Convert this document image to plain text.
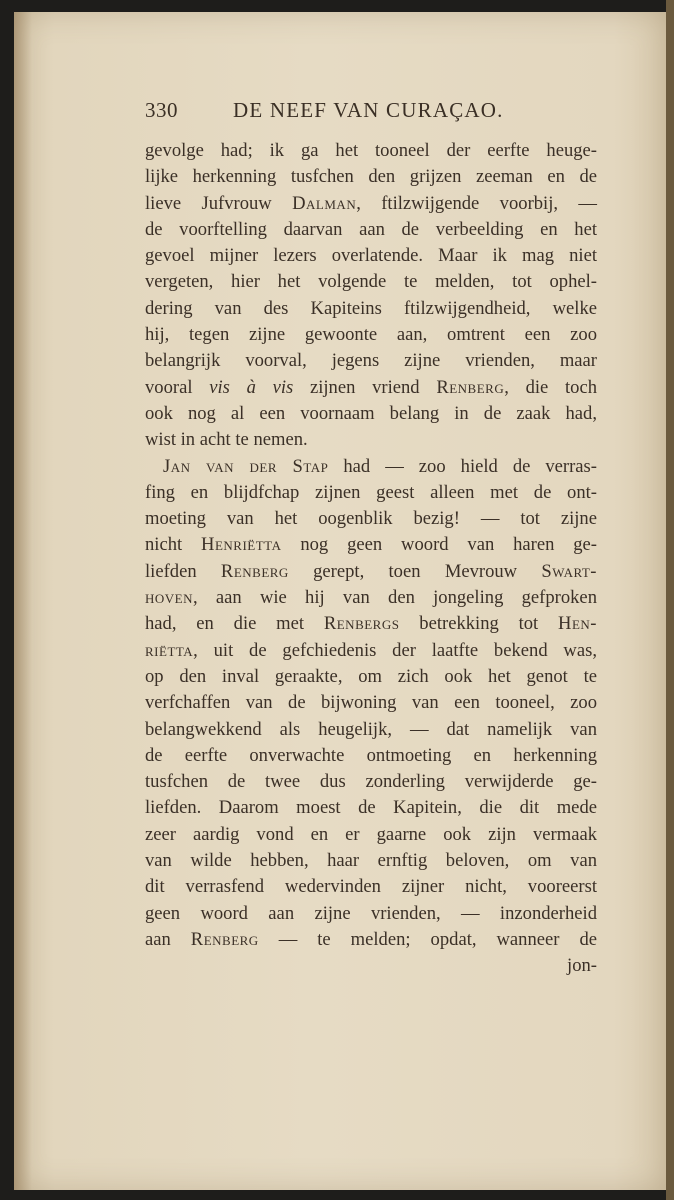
330	DE NEEF VAN CURAÇAO.
gevolge had; ik ga het tooneel der eerfte heuge-
lijke herkenning tusfchen den grijzen zeeman en de
lieve Jufvrouw Dalman, ftilzwijgende voorbij, —
de voorftelling daarvan aan de verbeelding en het
gevoel mijner lezers overlatende. Maar ik mag niet
vergeten, hier het volgende te melden, tot ophel-
dering van des Kapiteins ftilzwijgendheid, welke
hij, tegen zijne gewoonte aan, omtrent een zoo
belangrijk voorval, jegens zijne vrienden, maar
vooral vis à vis zijnen vriend Renberg, die toch
ook nog al een voornaam belang in de zaak had,
wist in acht te nemen.
Jan van der Stap had — zoo hield de verras-
fing en blijdfchap zijnen geest alleen met de ont-
moeting van het oogenblik bezig! — tot zijne
nicht Henriëtta nog geen woord van haren ge-
liefden Renberg gerept, toen Mevrouw Swart-
hoven, aan wie hij van den jongeling gefproken
had, en die met Renbergs betrekking tot Hen-
riëtta, uit de gefchiedenis der laatfte bekend was,
op den inval geraakte, om zich ook het genot te
verfchaffen van de bijwoning van een tooneel, zoo
belangwekkend als heugelijk, — dat namelijk van
de eerfte onverwachte ontmoeting en herkenning
tusfchen de twee dus zonderling verwijderde ge-
liefden. Daarom moest de Kapitein, die dit mede
zeer aardig vond en er gaarne ook zijn vermaak
van wilde hebben, haar ernftig beloven, om van
dit verrasfend wedervinden zijner nicht, vooreerst
geen woord aan zijne vrienden, — inzonderheid
aan Renberg — te melden; opdat, wanneer de
jon-
